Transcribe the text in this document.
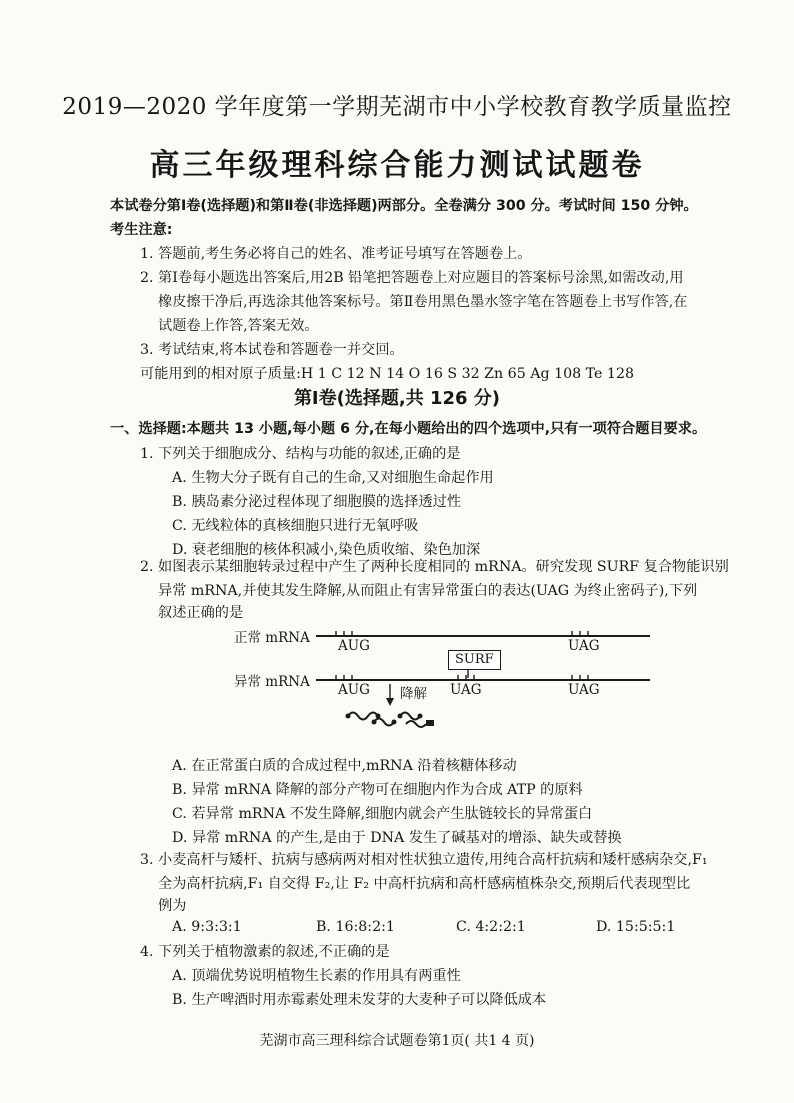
2019—2020 学年度第一学期芜湖市中小学校教育教学质量监控
高三年级理科综合能力测试试题卷
本试卷分第Ⅰ卷(选择题)和第Ⅱ卷(非选择题)两部分。全卷满分 300 分。考试时间 150 分钟。
考生注意:
1. 答题前,考生务必将自己的姓名、准考证号填写在答题卷上。
2. 第Ⅰ卷每小题选出答案后,用2B 铅笔把答题卷上对应题目的答案标号涂黑,如需改动,用
橡皮擦干净后,再选涂其他答案标号。第Ⅱ卷用黑色墨水签字笔在答题卷上书写作答,在
试题卷上作答,答案无效。
3. 考试结束,将本试卷和答题卷一并交回。
可能用到的相对原子质量:H 1 C 12 N 14 O 16 S 32 Zn 65 Ag 108 Te 128
第Ⅰ卷(选择题,共 126 分)
一、选择题:本题共 13 小题,每小题 6 分,在每小题给出的四个选项中,只有一项符合题目要求。
1. 下列关于细胞成分、结构与功能的叙述,正确的是
A. 生物大分子既有自己的生命,又对细胞生命起作用
B. 胰岛素分泌过程体现了细胞膜的选择透过性
C. 无线粒体的真核细胞只进行无氧呼吸
D. 衰老细胞的核体积减小,染色质收缩、染色加深
2. 如图表示某细胞转录过程中产生了两种长度相同的 mRNA。研究发现 SURF 复合物能识别
异常 mRNA,并使其发生降解,从而阻止有害异常蛋白的表达(UAG 为终止密码子),下列
叙述正确的是
正常 mRNA AUG	UAG
SURF
异常 mRNA AUG	UAG	UAG
降解
A. 在正常蛋白质的合成过程中,mRNA 沿着核糖体移动
B. 异常 mRNA 降解的部分产物可在细胞内作为合成 ATP 的原料
C. 若异常 mRNA 不发生降解,细胞内就会产生肽链较长的异常蛋白
D. 异常 mRNA 的产生,是由于 DNA 发生了碱基对的增添、缺失或替换
3. 小麦高杆与矮杆、抗病与感病两对相对性状独立遗传,用纯合高杆抗病和矮杆感病杂交,F₁
全为高杆抗病,F₁ 自交得 F₂,让 F₂ 中高杆抗病和高杆感病植株杂交,预期后代表现型比
例为
A. 9:3:3:1	B. 16:8:2:1	C. 4:2:2:1	D. 15:5:5:1
4. 下列关于植物激素的叙述,不正确的是
A. 顶端优势说明植物生长素的作用具有两重性
B. 生产啤酒时用赤霉素处理未发芽的大麦种子可以降低成本
芜湖市高三理科综合试题卷第1页( 共1 4 页)
